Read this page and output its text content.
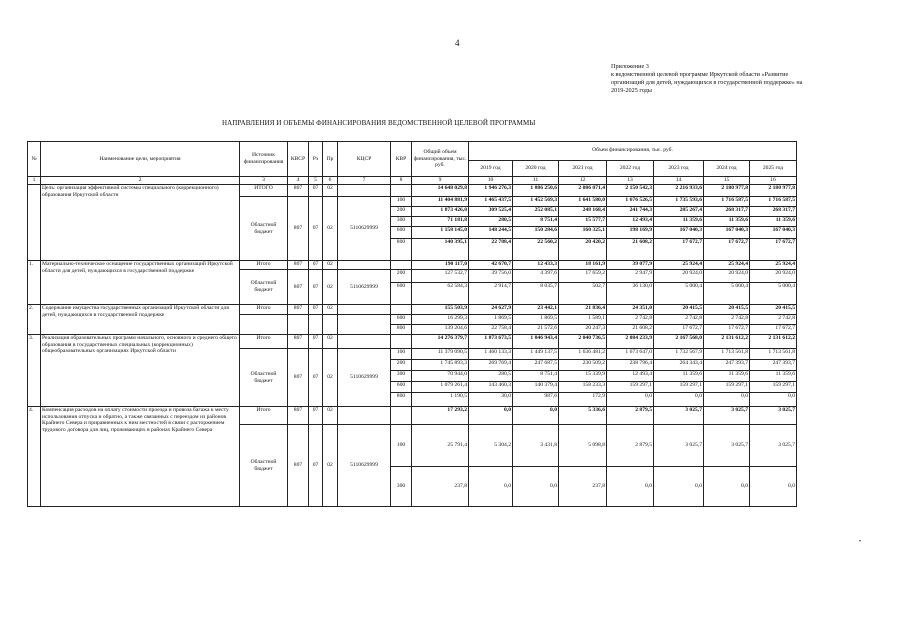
4
Приложение 3
к ведомственной целевой программе Иркутской области «Развитие
организаций для детей, нуждающихся в государственной поддержке» на
2019-2025 годы
НАПРАВЛЕНИЯ И ОБЪЕМЫ ФИНАНСИРОВАНИЯ ВЕДОМСТВЕННОЙ ЦЕЛЕВОЙ ПРОГРАММЫ
№	Наименование цели, мероприятия	Источник финансирования	КВСР	Рз	Пр	КЦСР	КВР	Общий объем финансирования, тыс. руб.	Объем финансирования, тыс. руб.						
									2019 год	2020 год	2021 год	2022 год	2023 год	2024 год	2025 год
1	2	3	4	5	6	7	8	9	10	11	12	13	14	15	16
	Цель: организация эффективной системы специального (коррекционного) образования Иркутской области	ИТОГО	807	07	02			14 648 029,8	1 946 276,3	1 886 250,6	2 086 071,4	2 150 542,3	2 216 933,6	2 180 977,8	2 180 977,8
		Областной бюджет	807	07	02	5110629999	100	11 404 881,9	1 465 437,5	1 452 569,3	1 641 580,0	1 676 526,5	1 735 593,6	1 716 587,5	1 716 587,5
							200	1 873 426,0	309 525,4	252 085,1	248 168,4	241 744,3	285 267,4	268 317,7	268 317,7
							300	71 181,8	280,5	8 751,4	15 577,7	12 493,4	11 359,6	11 359,6	11 359,6
							600	1 158 145,0	148 244,5	150 284,6	160 325,1	198 169,9	167 040,3	167 040,3	167 040,3
							800	140 395,1	22 788,4	22 560,2	20 420,2	21 608,2	17 672,7	17 672,7	17 672,7
1.	Материально-техническое оснащение государственных организаций Иркутской области для детей, нуждающихся в государственной поддержке	Итого	807	07	02			190 117,0	42 670,7	12 433,3	18 161,9	39 077,9	25 924,4	25 924,4	25 924,4
		Областной бюджет	807	07	02	5110629999	200	127 532,7	39 756,0	4 397,6	17 659,2	2 947,9	20 924,0	20 924,0	20 924,0
							600	62 584,3	2 914,7	8 035,7	502,7	36 130,0	5 000,4	5 000,4	5 000,4
2.	Содержание имущества государственных организаций Иркутской области для детей, нуждающихся в государственной поддержке	Итого	807	07	02			155 503,9	24 627,9	23 442,1	21 836,4	24 351,0	20 415,5	20 415,5	20 415,5
							600	16 299,3	1 869,5	1 869,5	1 589,1	2 742,8	2 742,8	2 742,8	2 742,8
							800	139 204,6	22 758,4	21 572,6	20 247,3	21 608,2	17 672,7	17 672,7	17 672,7
3.	Реализация образовательных программ начального, основного и среднего общего образования в государственных специальных (коррекционных) общеобразовательных организациях Иркутской области	Итого	807	07	02			14 276 379,7	1 873 673,5	1 846 943,4	2 040 736,5	2 084 233,9	2 167 568,0	2 131 612,2	2 131 612,2
		Областной бюджет	807	07	02	5110629999	100	11 379 090,5	1 460 133,3	1 449 137,5	1 636 481,2	1 673 647,0	1 732 567,9	1 713 561,8	1 713 561,8
							200	1 745 893,3	269 769,4	247 687,5	230 509,2	238 796,4	264 343,4	247 393,7	247 393,7
							300	70 944,0	280,5	8 751,4	15 339,9	12 493,4	11 359,6	11 359,6	11 359,6
							600	1 079 261,4	143 460,3	140 379,4	158 233,3	159 297,1	159 297,1	159 297,1	159 297,1
							800	1 190,5	30,0	987,6	172,9	0,0	0,0	0,0	0,0
4.	Компенсация расходов на оплату стоимости проезда и провоза багажа к месту использования отпуска и обратно, а также связанных с переездом из районов Крайнего Севера и приравненных к ним местностей в связи с расторжением трудового договора для лиц, проживающих в районах Крайнего Севера	Итого	807	07	02			17 293,2	0,0	0,0	5 336,6	2 879,5	3 025,7	3 025,7	3 025,7
		Областной бюджет	807	07	02	5110629999	100	25 791,4	5 304,2	3 431,8	5 098,8	2 879,5	3 025,7	3 025,7	3 025,7
							300	237,8	0,0	0,0	237,8	0,0	0,0	0,0	0,0
•
